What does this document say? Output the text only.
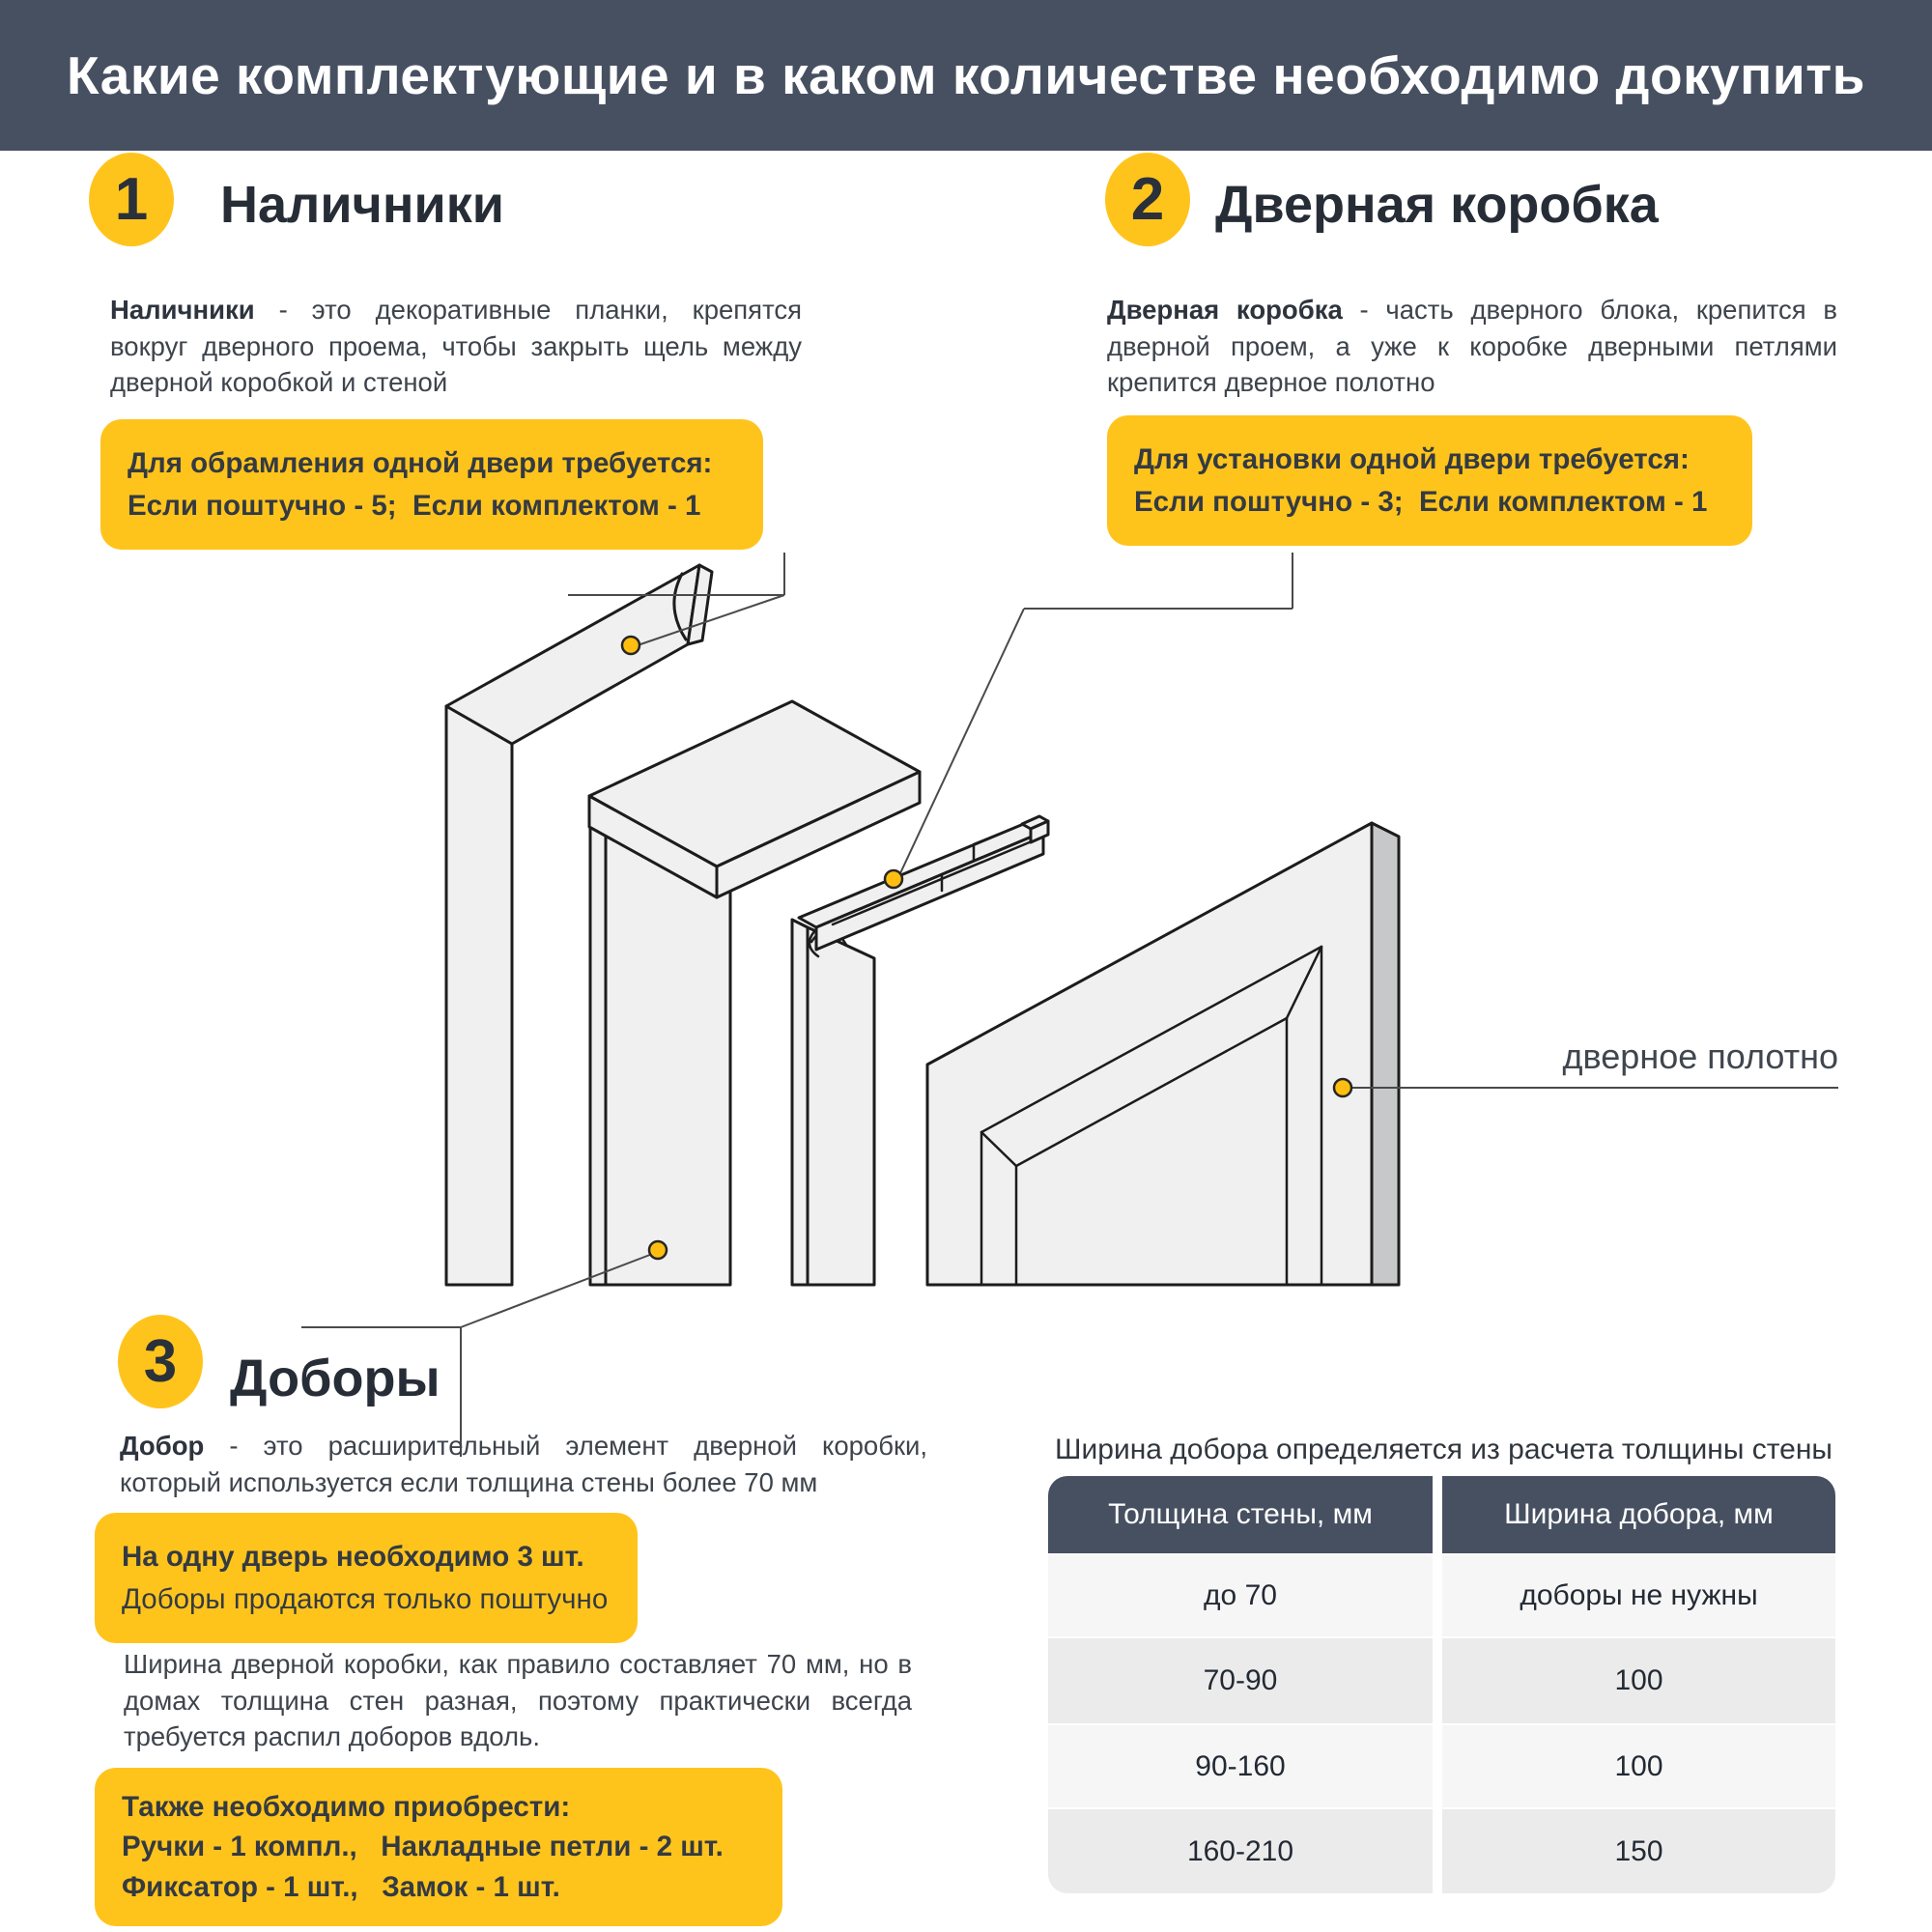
Какие комплектующие и в каком количестве необходимо докупить
дверное полотно
1 Наличники
Наличники - это декоративные планки, крепятся вокруг дверного проема, чтобы закрыть щель между дверной коробкой и стеной
Для обрамления одной двери требуется:
Если поштучно - 5;  Если комплектом - 1
2 Дверная коробка
Дверная коробка - часть дверного блока, крепится в дверной проем, а уже к коробке дверными петлями крепится дверное полотно
Для установки одной двери требуется:
Если поштучно - 3;  Если комплектом - 1
3 Доборы
Добор - это расширительный элемент дверной коробки, который используется если толщина стены более 70 мм
На одну дверь необходимо 3 шт.
Доборы продаются только поштучно
Ширина дверной коробки, как правило составляет 70 мм, но в домах толщина стен разная, поэтому практически всегда требуется распил доборов вдоль.
Также необходимо приобрести:
Ручки - 1 компл.,   Накладные петли - 2 шт.
Фиксатор - 1 шт.,   Замок - 1 шт.
Ширина добора определяется из расчета толщины стены
Толщина стены, мм	Ширина добора, мм
до 70	доборы не нужны
70-90	100
90-160	100
160-210	150
